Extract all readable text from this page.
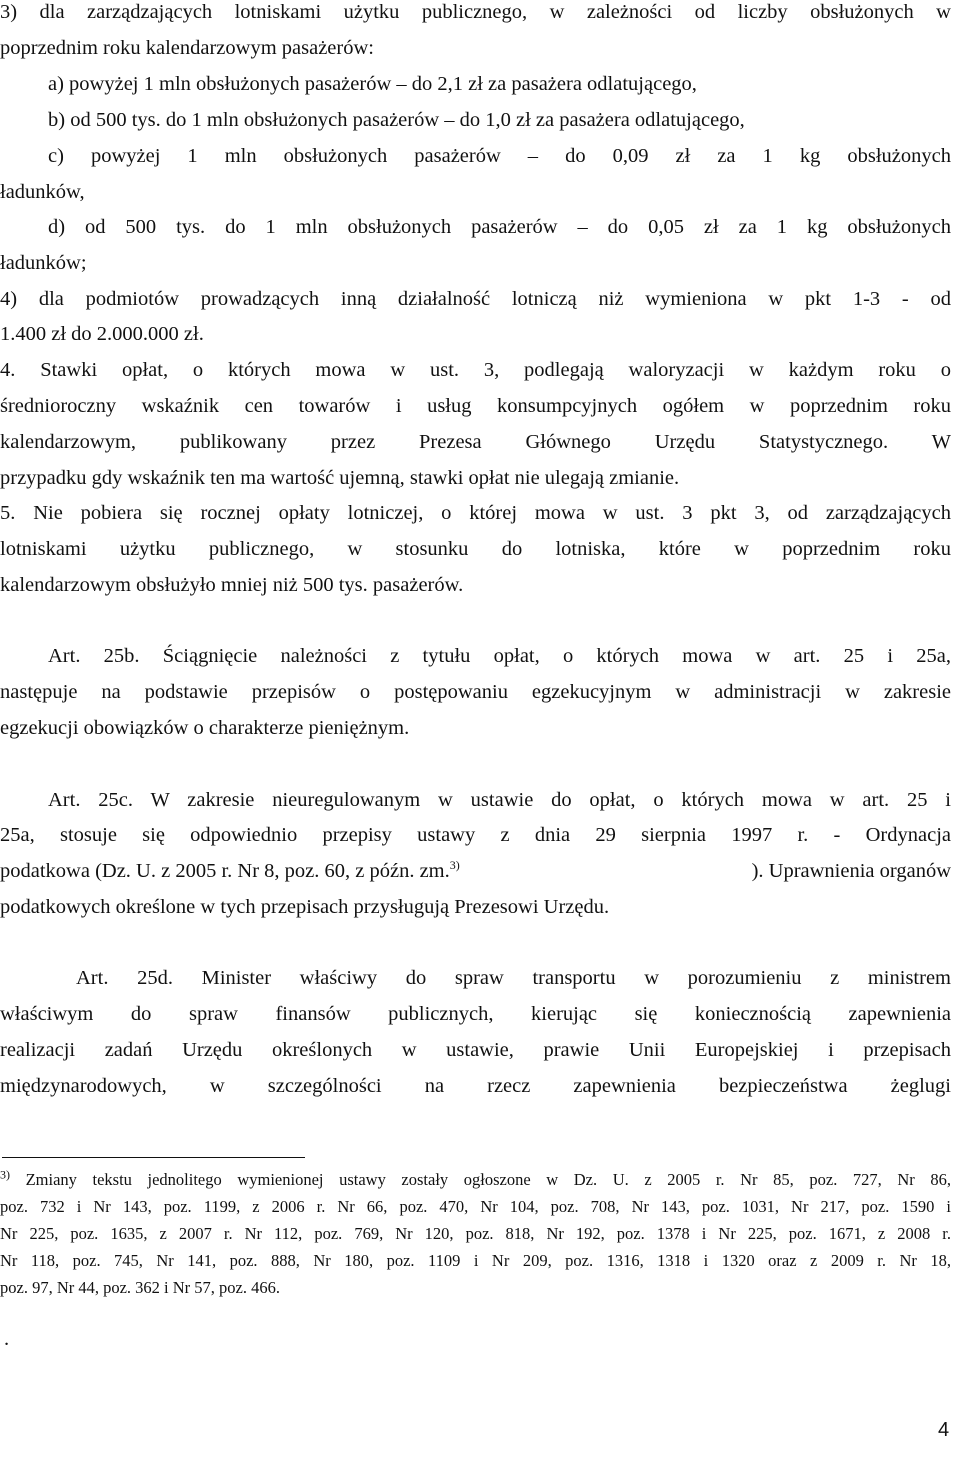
3) dla zarządzających lotniskami użytku publicznego, w zależności od liczby obsłużonych w
poprzednim roku kalendarzowym pasażerów:
a) powyżej 1 mln obsłużonych pasażerów – do 2,1 zł za pasażera odlatującego,
b) od 500 tys. do 1 mln obsłużonych pasażerów – do 1,0 zł za pasażera odlatującego,
c) powyżej 1 mln obsłużonych pasażerów – do 0,09 zł za 1 kg obsłużonych
ładunków,
d) od 500 tys. do 1 mln obsłużonych pasażerów – do 0,05 zł za 1 kg obsłużonych
ładunków;
4) dla podmiotów prowadzących inną działalność lotniczą niż wymieniona w pkt 1-3 - od
1.400 zł do 2.000.000 zł.
4. Stawki opłat, o których mowa w ust. 3, podlegają waloryzacji w każdym roku o
średnioroczny wskaźnik cen towarów i usług konsumpcyjnych ogółem w poprzednim roku
kalendarzowym, publikowany przez Prezesa Głównego Urzędu Statystycznego. W
przypadku gdy wskaźnik ten ma wartość ujemną, stawki opłat nie ulegają zmianie.
5. Nie pobiera się rocznej opłaty lotniczej, o której mowa w ust. 3 pkt 3, od zarządzających
lotniskami użytku publicznego, w stosunku do lotniska, które w poprzednim roku
kalendarzowym obsłużyło mniej niż 500 tys. pasażerów.
Art. 25b. Ściągnięcie należności z tytułu opłat, o których mowa w art. 25 i 25a,
następuje na podstawie przepisów o postępowaniu egzekucyjnym w administracji w zakresie
egzekucji obowiązków o charakterze pieniężnym.
Art. 25c. W zakresie nieuregulowanym w ustawie do opłat, o których mowa w art. 25 i
25a, stosuje się odpowiednio przepisy ustawy z dnia 29 sierpnia 1997 r. - Ordynacja
podatkowa (Dz. U. z 2005 r. Nr 8, poz. 60, z późn. zm.$^{3)}$	). Uprawnienia organów
podatkowych określone w tych przepisach przysługują Prezesowi Urzędu.
Art. 25d. Minister właściwy do spraw transportu w porozumieniu z ministrem
właściwym do spraw finansów publicznych, kierując się koniecznością zapewnienia
realizacji zadań Urzędu określonych w ustawie, prawie Unii Europejskiej i przepisach
międzynarodowych, w szczególności na rzecz zapewnienia bezpieczeństwa żeglugi
$^{3)}$ Zmiany tekstu jednolitego wymienionej ustawy zostały ogłoszone w Dz. U. z 2005 r. Nr 85, poz. 727, Nr 86,
poz. 732 i Nr 143, poz. 1199, z 2006 r. Nr 66, poz. 470, Nr 104, poz. 708, Nr 143, poz. 1031, Nr 217, poz. 1590 i
Nr 225, poz. 1635, z 2007 r. Nr 112, poz. 769, Nr 120, poz. 818, Nr 192, poz. 1378 i Nr 225, poz. 1671, z 2008 r.
Nr 118, poz. 745, Nr 141, poz. 888, Nr 180, poz. 1109 i Nr 209, poz. 1316, 1318 i 1320 oraz z 2009 r. Nr 18,
poz. 97, Nr 44, poz. 362 i Nr 57, poz. 466.
.
4
